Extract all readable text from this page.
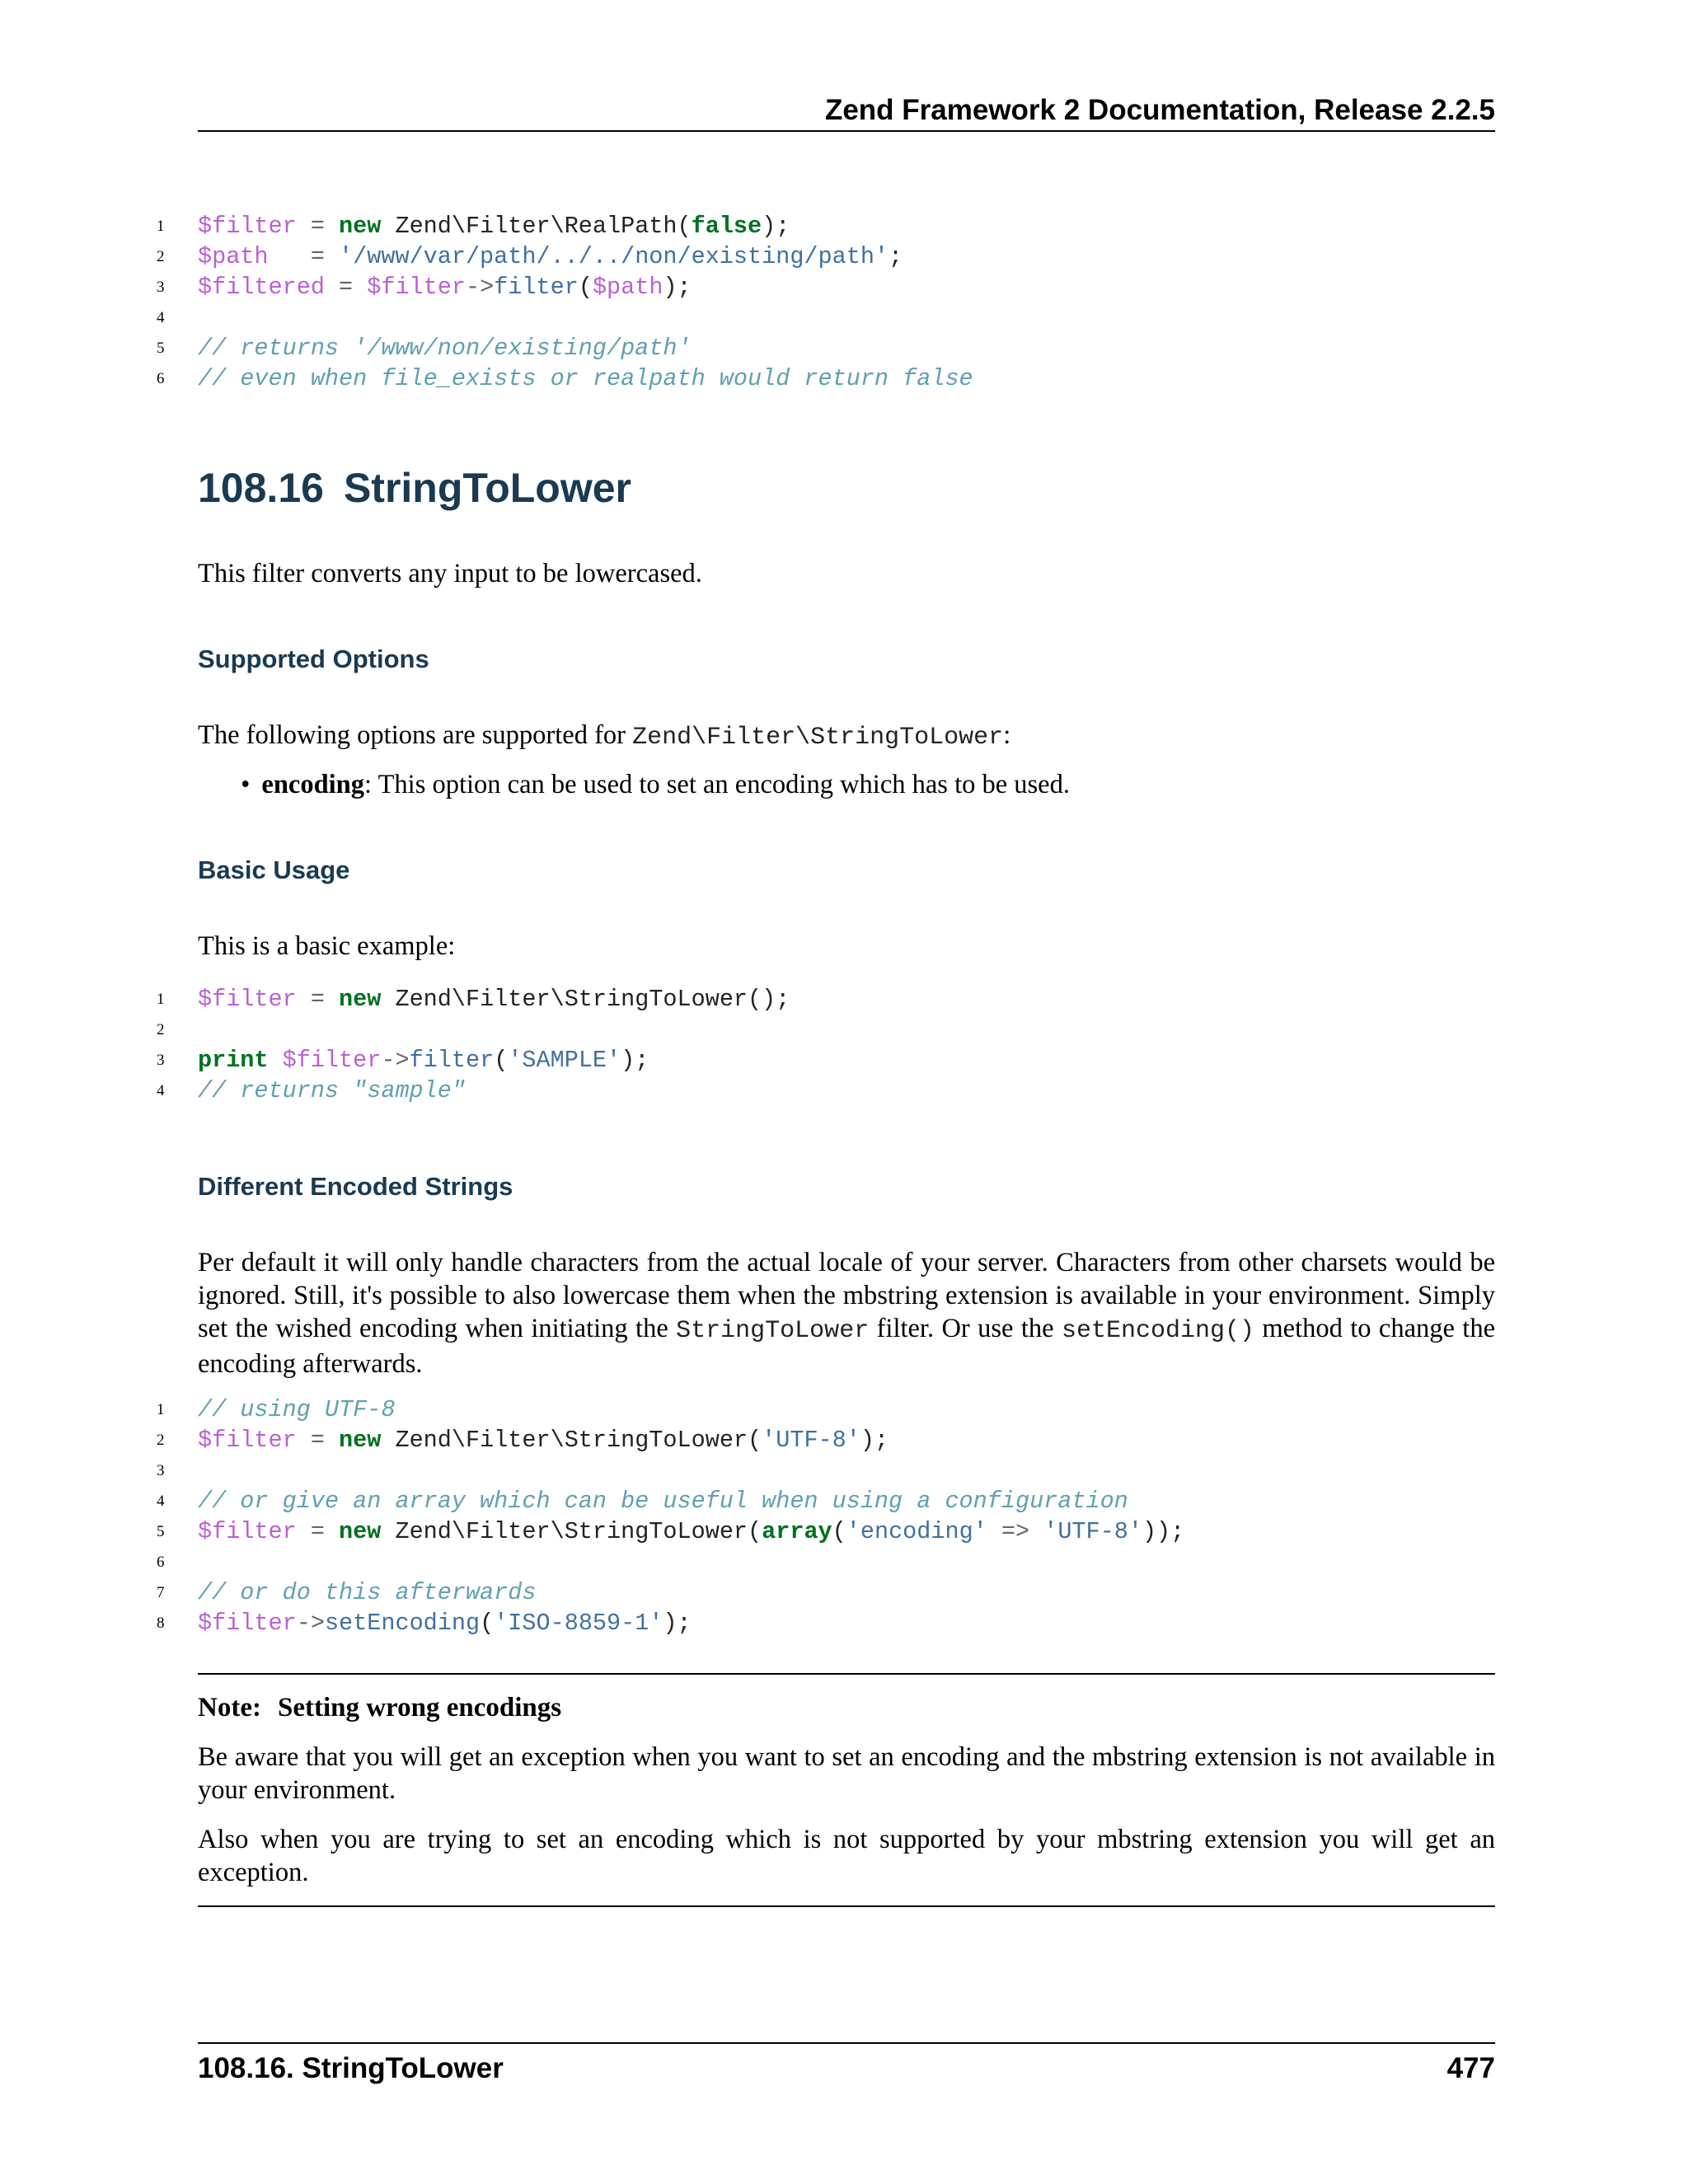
Zend Framework 2 Documentation, Release 2.2.5
1	$filter = new Zend\Filter\RealPath(false);
2	$path   = '/www/var/path/../../non/existing/path';
3	$filtered = $filter->filter($path);
4
5	// returns '/www/non/existing/path'
6	// even when file_exists or realpath would return false
108.16 StringToLower
This filter converts any input to be lowercased.
Supported Options
The following options are supported for Zend\Filter\StringToLower:
• encoding: This option can be used to set an encoding which has to be used.
Basic Usage
This is a basic example:
1	$filter = new Zend\Filter\StringToLower();
2
3	print $filter->filter('SAMPLE');
4	// returns "sample"
Different Encoded Strings
Per default it will only handle characters from the actual locale of your server. Characters from other charsets would be ignored. Still, it's possible to also lowercase them when the mbstring extension is available in your environment. Simply set the wished encoding when initiating the StringToLower filter. Or use the setEncoding() method to change the encoding afterwards.
1	// using UTF-8
2	$filter = new Zend\Filter\StringToLower('UTF-8');
3
4	// or give an array which can be useful when using a configuration
5	$filter = new Zend\Filter\StringToLower(array('encoding' => 'UTF-8'));
6
7	// or do this afterwards
8	$filter->setEncoding('ISO-8859-1');
Note: Setting wrong encodings
Be aware that you will get an exception when you want to set an encoding and the mbstring extension is not available in your environment.
Also when you are trying to set an encoding which is not supported by your mbstring extension you will get an exception.
108.16. StringToLower	477
